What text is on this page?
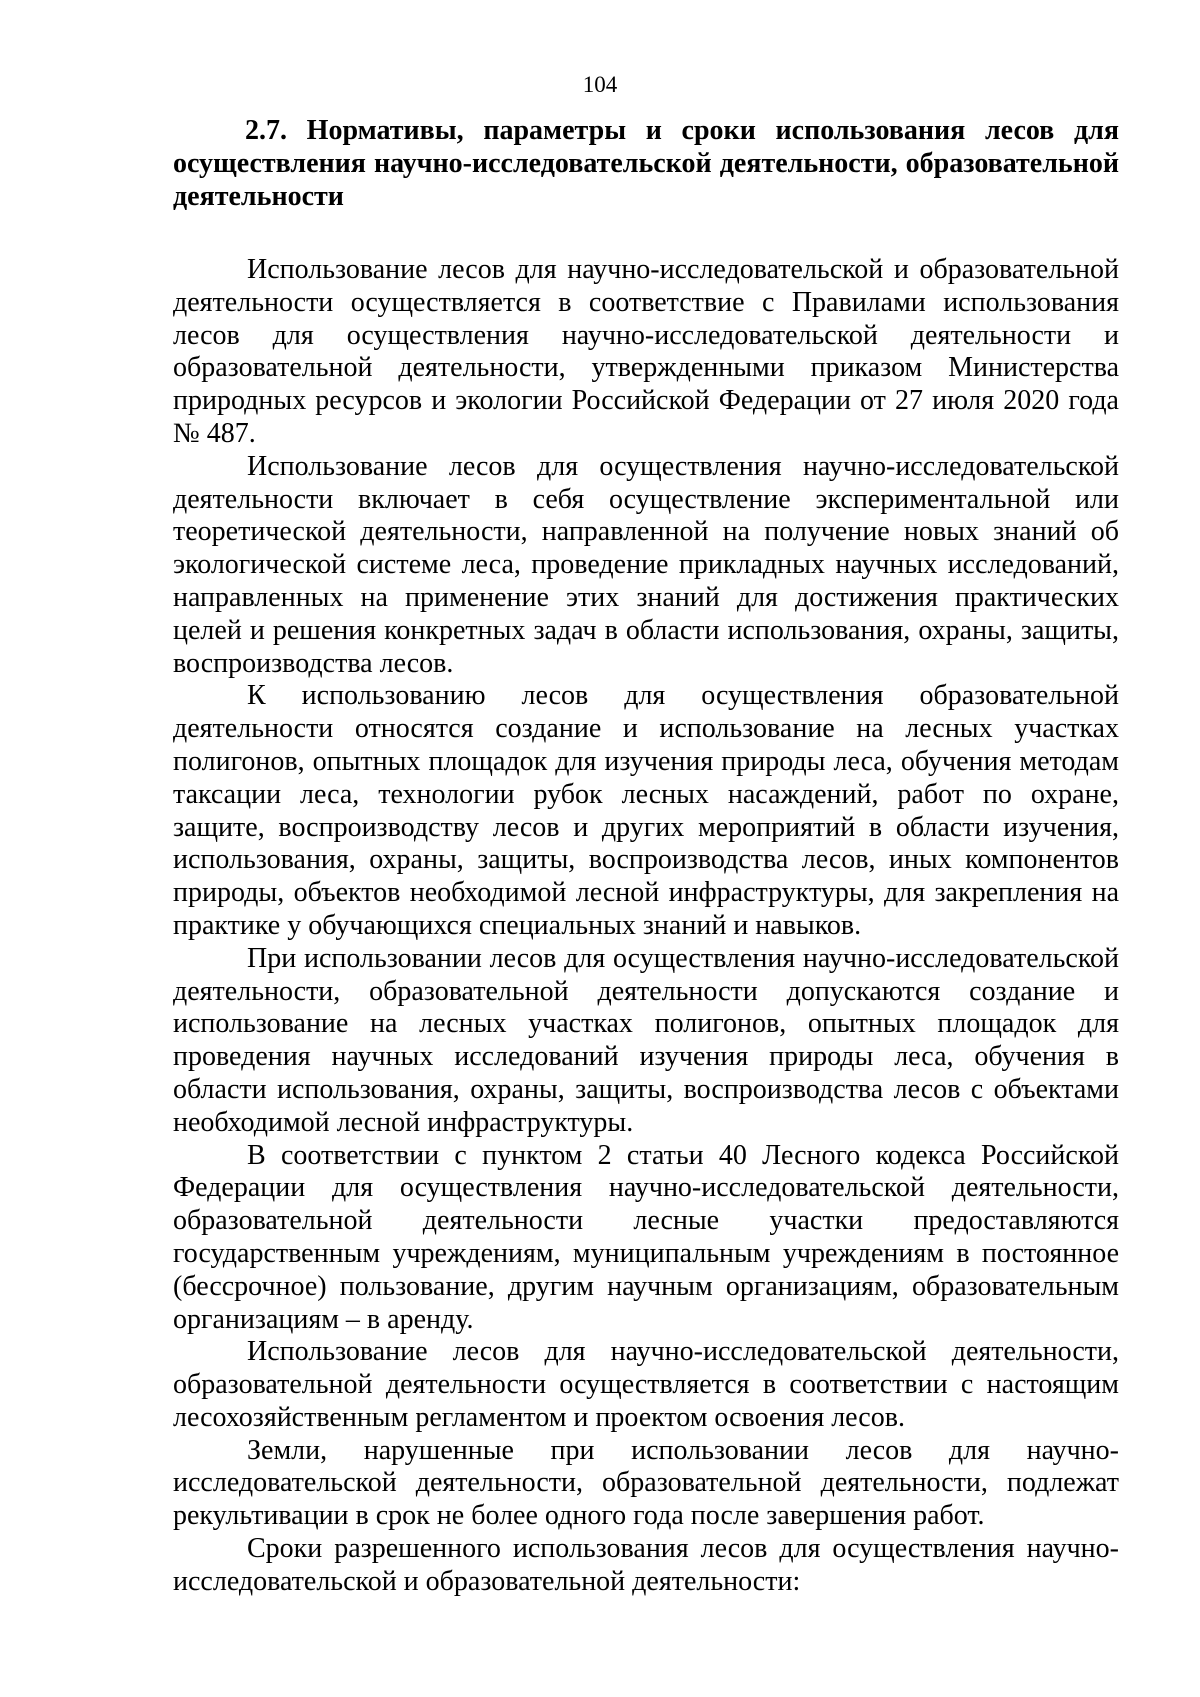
104

2.7. Нормативы, параметры и сроки использования лесов для осуществления научно-исследовательской деятельности, образовательной деятельности

Использование лесов для научно-исследовательской и образовательной деятельности осуществляется в соответствие с Правилами использования лесов для осуществления научно-исследовательской деятельности и образовательной деятельности, утвержденными приказом Министерства природных ресурсов и экологии Российской Федерации от 27 июля 2020 года № 487.

Использование лесов для осуществления научно-исследовательской деятельности включает в себя осуществление экспериментальной или теоретической деятельности, направленной на получение новых знаний об экологической системе леса, проведение прикладных научных исследований, направленных на применение этих знаний для достижения практических целей и решения конкретных задач в области использования, охраны, защиты, воспроизводства лесов.

К использованию лесов для осуществления образовательной деятельности относятся создание и использование на лесных участках полигонов, опытных площадок для изучения природы леса, обучения методам таксации леса, технологии рубок лесных насаждений, работ по охране, защите, воспроизводству лесов и других мероприятий в области изучения, использования, охраны, защиты, воспроизводства лесов, иных компонентов природы, объектов необходимой лесной инфраструктуры, для закрепления на практике у обучающихся специальных знаний и навыков.

При использовании лесов для осуществления научно-исследовательской деятельности, образовательной деятельности допускаются создание и использование на лесных участках полигонов, опытных площадок для проведения научных исследований изучения природы леса, обучения в области использования, охраны, защиты, воспроизводства лесов с объектами необходимой лесной инфраструктуры.

В соответствии с пунктом 2 статьи 40 Лесного кодекса Российской Федерации для осуществления научно-исследовательской деятельности, образовательной деятельности лесные участки предоставляются государственным учреждениям, муниципальным учреждениям в постоянное (бессрочное) пользование, другим научным организациям, образовательным организациям – в аренду.

Использование лесов для научно-исследовательской деятельности, образовательной деятельности осуществляется в соответствии с настоящим лесохозяйственным регламентом и проектом освоения лесов.

Земли, нарушенные при использовании лесов для научно-исследовательской деятельности, образовательной деятельности, подлежат рекультивации в срок не более одного года после завершения работ.

Сроки разрешенного использования лесов для осуществления научно-исследовательской и образовательной деятельности:
